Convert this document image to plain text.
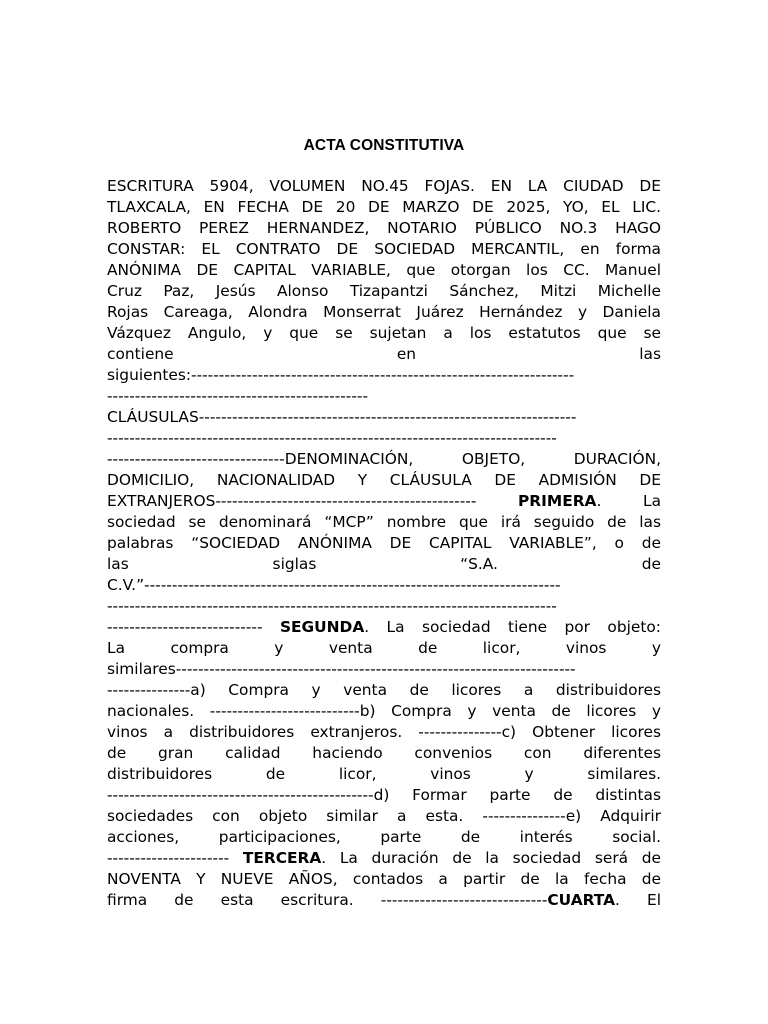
ACTA CONSTITUTIVA
ESCRITURA 5904, VOLUMEN NO.45 FOJAS. EN LA CIUDAD DE
TLAXCALA, EN FECHA DE 20 DE MARZO DE 2025, YO, EL LIC.
ROBERTO PEREZ HERNANDEZ, NOTARIO PÚBLICO NO.3 HAGO
CONSTAR: EL CONTRATO DE SOCIEDAD MERCANTIL, en forma
ANÓNIMA DE CAPITAL VARIABLE, que otorgan los CC. Manuel
Cruz Paz, Jesús Alonso Tizapantzi Sánchez, Mitzi Michelle
Rojas Careaga, Alondra Monserrat Juárez Hernández y Daniela
Vázquez Angulo, y que se sujetan a los estatutos que se
contiene en las
siguientes:---------------------------------------------------------------------
-----------------------------------------------
CLÁUSULAS--------------------------------------------------------------------
---------------------------------------------------------------------------------
--------------------------------DENOMINACIÓN, OBJETO, DURACIÓN,
DOMICILIO, NACIONALIDAD Y CLÁUSULA DE ADMISIÓN DE
EXTRANJEROS----------------------------------------------- PRIMERA. La
sociedad se denominará “MCP” nombre que irá seguido de las
palabras “SOCIEDAD ANÓNIMA DE CAPITAL VARIABLE”, o de
las siglas “S.A. de
C.V.”---------------------------------------------------------------------------
---------------------------------------------------------------------------------
---------------------------- SEGUNDA. La sociedad tiene por objeto:
La compra y venta de licor, vinos y
similares------------------------------------------------------------------------
---------------a) Compra y venta de licores a distribuidores
nacionales. ---------------------------b) Compra y venta de licores y
vinos a distribuidores extranjeros. ---------------c) Obtener licores
de gran calidad haciendo convenios con diferentes
distribuidores de licor, vinos y similares.
------------------------------------------------d) Formar parte de distintas
sociedades con objeto similar a esta. ---------------e) Adquirir
acciones, participaciones, parte de interés social.
---------------------- TERCERA. La duración de la sociedad será de
NOVENTA Y NUEVE AÑOS, contados a partir de la fecha de
firma de esta escritura. ------------------------------CUARTA. El
